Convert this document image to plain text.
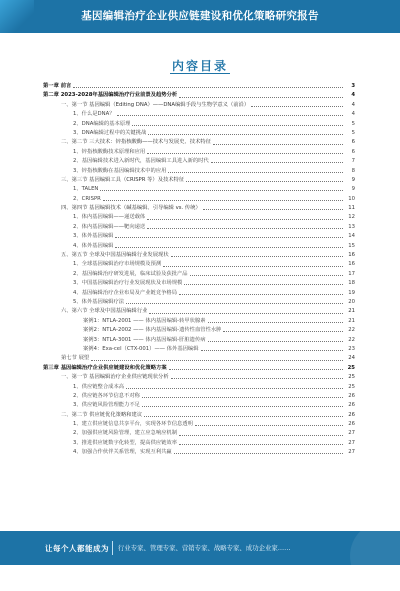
基因编辑治疗企业供应链建设和优化策略研究报告
内容目录
第一章 前言	3
第二章 2023-2028年基因编辑治疗行业前景及趋势分析	4
一、第一节 基因编辑（Editing DNA）——DNA编辑手段与生物学意义（前沿）	4
1、什么是DNA？	4
2、DNA编辑的基本原理	5
3、DNA编辑过程中的关键挑战	5
二、第二节 三大技术：锌指核酸酶——技术与发展史、技术特征	6
1、锌指核酸酶技术原理和应用	6
2、基因编辑技术进入新时代，基因编辑工具进入新的时代	7
3、锌指核酸酶在基因编辑技术中的应用	8
三、第三节 基因编辑工具（CRISPR 等）及技术特征	9
1、TALEN	9
2、CRISPR	10
四、第四节 基因编辑技术（碱基编辑、引导编辑 vs. 传统）	11
1、体内基因编辑——递送载体	12
2、体内基因编辑——靶向递送	13
3、体外基因编辑	14
4、体外基因编辑	15
五、第五节 全球及中国基因编辑行业发展现状	16
1、全球基因编辑治疗市场规模及预测	16
2、基因编辑治疗研发进展，临床试验及获批产品	17
3、中国基因编辑治疗行业发展现状及市场规模	18
4、基因编辑治疗企业布局及产业链竞争格局	19
5、体外基因编辑疗法	20
六、第六节 全球及中国基因编辑行业	21
案例1：NTLA-2001 —— 体内基因编辑-转甲状腺素	21
案例2：NTLA-2002 —— 体内基因编辑-遗传性血管性水肿	22
案例3：NTLA-3001 —— 体内基因编辑-肝脏遗传病	22
案例4：Exa-cel（CTX-001）—— 体外基因编辑	23
第七节 展望	24
第三章 基因编辑治疗企业供应链建设和优化策略方案	25
一、第一节 基因编辑治疗企业供应链现状分析	25
1、供应链整合成本高	25
2、供应链各环节信息不对称	26
3、供应链风险管理能力不足	26
二、第二节 供应链优化策略和建议	26
1、建立供应链信息共享平台，实现各环节信息透明	26
2、加强供应链风险管理，建立应急响应机制	27
3、推进供应链数字化转型，提高供应链效率	27
4、加强合作伙伴关系管理，实现互利共赢	27
让每个人都能成为 行业专家、管理专家、营销专家、战略专家、成功企业家……
